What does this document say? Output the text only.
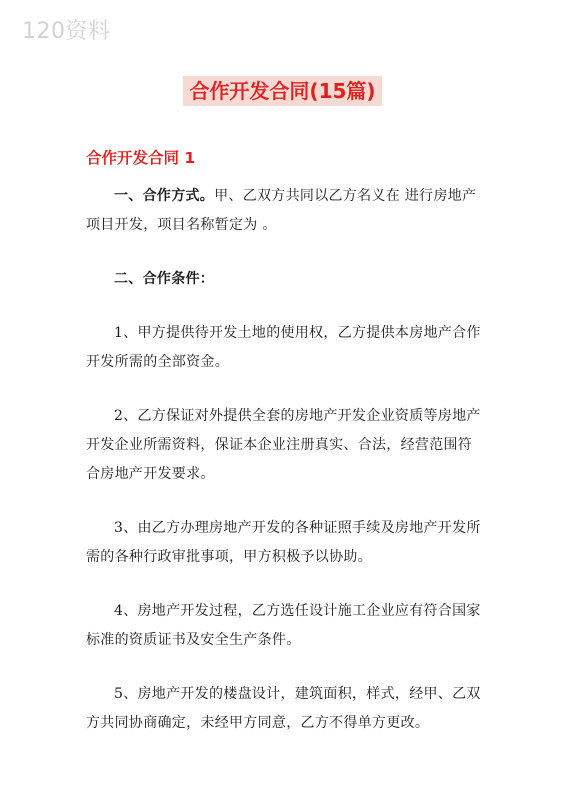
120资料
合作开发合同(15篇)
合作开发合同 1

一、合作方式。甲、乙双方共同以乙方名义在 进行房地产项目开发，项目名称暂定为 。

二、合作条件：

1、甲方提供待开发土地的使用权，乙方提供本房地产合作开发所需的全部资金。

2、乙方保证对外提供全套的房地产开发企业资质等房地产开发企业所需资料，保证本企业注册真实、合法，经营范围符合房地产开发要求。

3、由乙方办理房地产开发的各种证照手续及房地产开发所需的各种行政审批事项，甲方积极予以协助。

4、房地产开发过程，乙方选任设计施工企业应有符合国家标准的资质证书及安全生产条件。

5、房地产开发的楼盘设计，建筑面积，样式，经甲、乙双方共同协商确定，未经甲方同意，乙方不得单方更改。
